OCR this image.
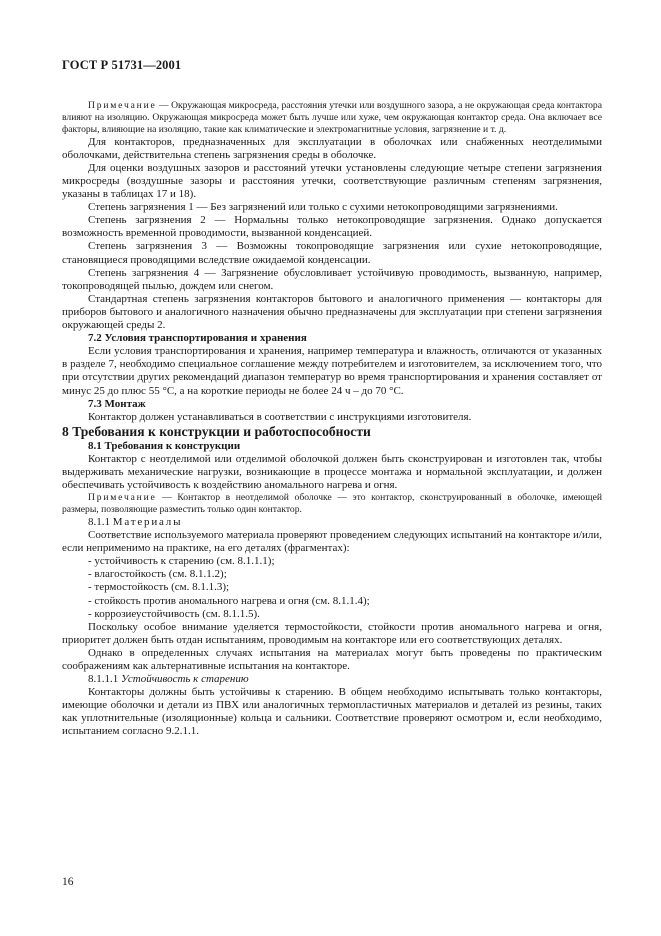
ГОСТ Р 51731—2001

Примечание — Окружающая микросреда, расстояния утечки или воздушного зазора, а не окружающая среда контактора влияют на изоляцию. Окружающая микросреда может быть лучше или хуже, чем окружающая контактор среда. Она включает все факторы, влияющие на изоляцию, такие как климатические и электромагнитные условия, загрязнение и т. д.

Для контакторов, предназначенных для эксплуатации в оболочках или снабженных неотделимыми оболочками, действительна степень загрязнения среды в оболочке.

Для оценки воздушных зазоров и расстояний утечки установлены следующие четыре степени загрязнения микросреды (воздушные зазоры и расстояния утечки, соответствующие различным степеням загрязнения, указаны в таблицах 17 и 18).

Степень загрязнения 1 — Без загрязнений или только с сухими нетокопроводящими загрязнениями.

Степень загрязнения 2 — Нормальны только нетокопроводящие загрязнения. Однако допускается возможность временной проводимости, вызванной конденсацией.

Степень загрязнения 3 — Возможны токопроводящие загрязнения или сухие нетокопроводящие, становящиеся проводящими вследствие ожидаемой конденсации.

Степень загрязнения 4 — Загрязнение обусловливает устойчивую проводимость, вызванную, например, токопроводящей пылью, дождем или снегом.

Стандартная степень загрязнения контакторов бытового и аналогичного применения — контакторы для приборов бытового и аналогичного назначения обычно предназначены для эксплуатации при степени загрязнения окружающей среды 2.

7.2 Условия транспортирования и хранения

Если условия транспортирования и хранения, например температура и влажность, отличаются от указанных в разделе 7, необходимо специальное соглашение между потребителем и изготовителем, за исключением того, что при отсутствии других рекомендаций диапазон температур во время транспортирования и хранения составляет от минус 25 до плюс 55 °С, а на короткие периоды не более 24 ч – до 70 °С.

7.3 Монтаж

Контактор должен устанавливаться в соответствии с инструкциями изготовителя.

8 Требования к конструкции и работоспособности

8.1 Требования к конструкции

Контактор с неотделимой или отделимой оболочкой должен быть сконструирован и изготовлен так, чтобы выдерживать механические нагрузки, возникающие в процессе монтажа и нормальной эксплуатации, и должен обеспечивать устойчивость к воздействию аномального нагрева и огня.

Примечание — Контактор в неотделимой оболочке — это контактор, сконструированный в оболочке, имеющей размеры, позволяющие разместить только один контактор.

8.1.1 Материалы

Соответствие используемого материала проверяют проведением следующих испытаний на контакторе и/или, если неприменимо на практике, на его деталях (фрагментах):

- устойчивость к старению (см. 8.1.1.1);

- влагостойкость (см. 8.1.1.2);

- термостойкость (см. 8.1.1.3);

- стойкость против аномального нагрева и огня (см. 8.1.1.4);

- коррозиеустойчивость (см. 8.1.1.5).

Поскольку особое внимание уделяется термостойкости, стойкости против аномального нагрева и огня, приоритет должен быть отдан испытаниям, проводимым на контакторе или его соответствующих деталях.

Однако в определенных случаях испытания на материалах могут быть проведены по практическим соображениям как альтернативные испытания на контакторе.

8.1.1.1 Устойчивость к старению

Контакторы должны быть устойчивы к старению. В общем необходимо испытывать только контакторы, имеющие оболочки и детали из ПВХ или аналогичных термопластичных материалов и деталей из резины, таких как уплотнительные (изоляционные) кольца и сальники. Соответствие проверяют осмотром и, если необходимо, испытанием согласно 9.2.1.1.

16
